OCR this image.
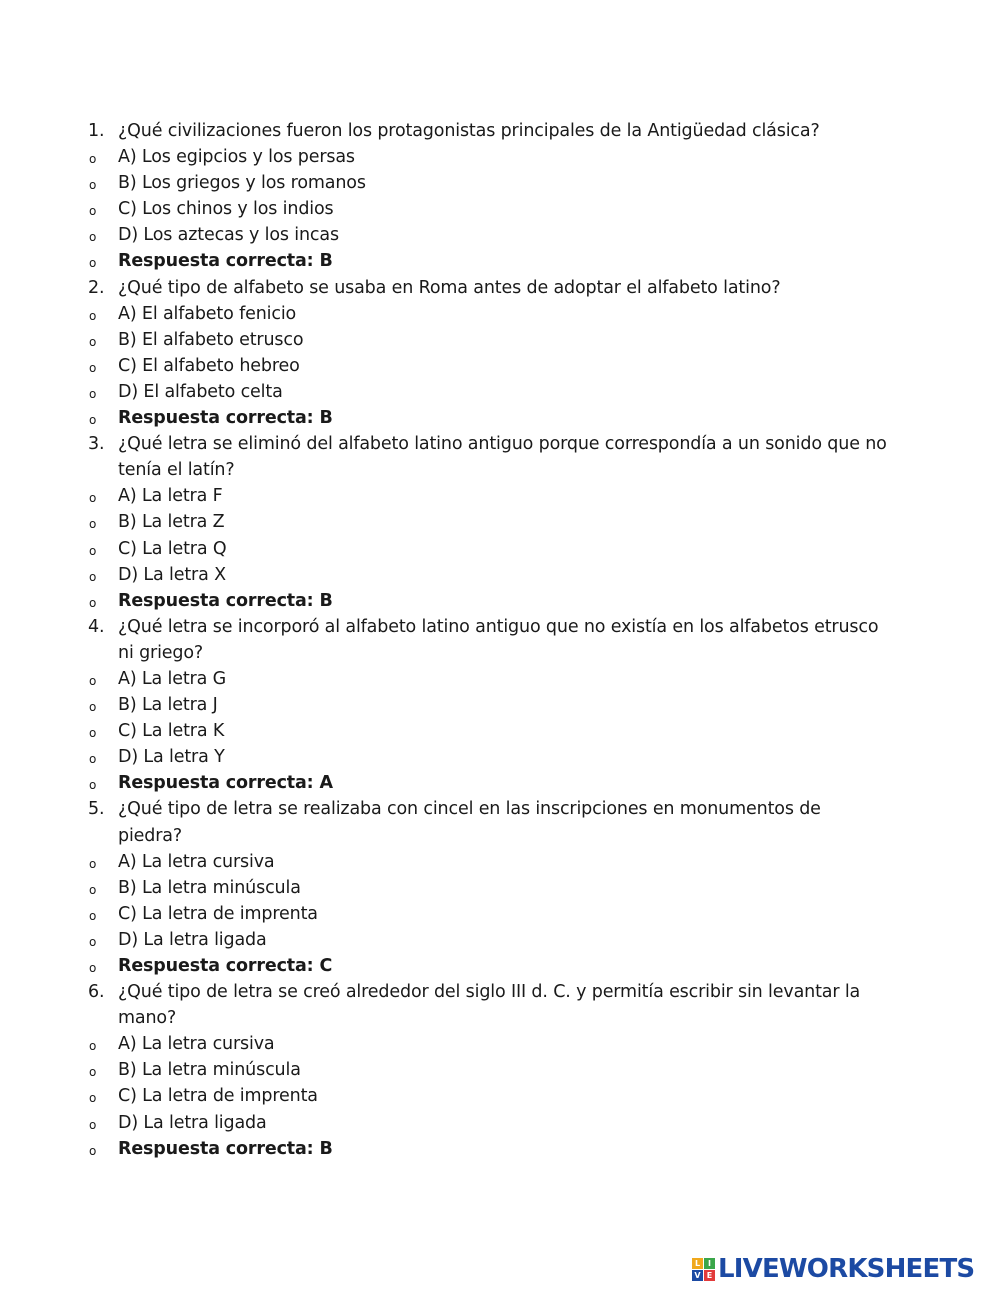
1. ¿Qué civilizaciones fueron los protagonistas principales de la Antigüedad clásica?
o	A) Los egipcios y los persas
o	B) Los griegos y los romanos
o	C) Los chinos y los indios
o	D) Los aztecas y los incas
o	Respuesta correcta: B
2. ¿Qué tipo de alfabeto se usaba en Roma antes de adoptar el alfabeto latino?
o	A) El alfabeto fenicio
o	B) El alfabeto etrusco
o	C) El alfabeto hebreo
o	D) El alfabeto celta
o	Respuesta correcta: B
3. ¿Qué letra se eliminó del alfabeto latino antiguo porque correspondía a un sonido que no tenía el latín?
o	A) La letra F
o	B) La letra Z
o	C) La letra Q
o	D) La letra X
o	Respuesta correcta: B
4. ¿Qué letra se incorporó al alfabeto latino antiguo que no existía en los alfabetos etrusco ni griego?
o	A) La letra G
o	B) La letra J
o	C) La letra K
o	D) La letra Y
o	Respuesta correcta: A
5. ¿Qué tipo de letra se realizaba con cincel en las inscripciones en monumentos de piedra?
o	A) La letra cursiva
o	B) La letra minúscula
o	C) La letra de imprenta
o	D) La letra ligada
o	Respuesta correcta: C
6. ¿Qué tipo de letra se creó alrededor del siglo III d. C. y permitía escribir sin levantar la mano?
o	A) La letra cursiva
o	B) La letra minúscula
o	C) La letra de imprenta
o	D) La letra ligada
o	Respuesta correcta: B
L I
V E LIVEWORKSHEETS
